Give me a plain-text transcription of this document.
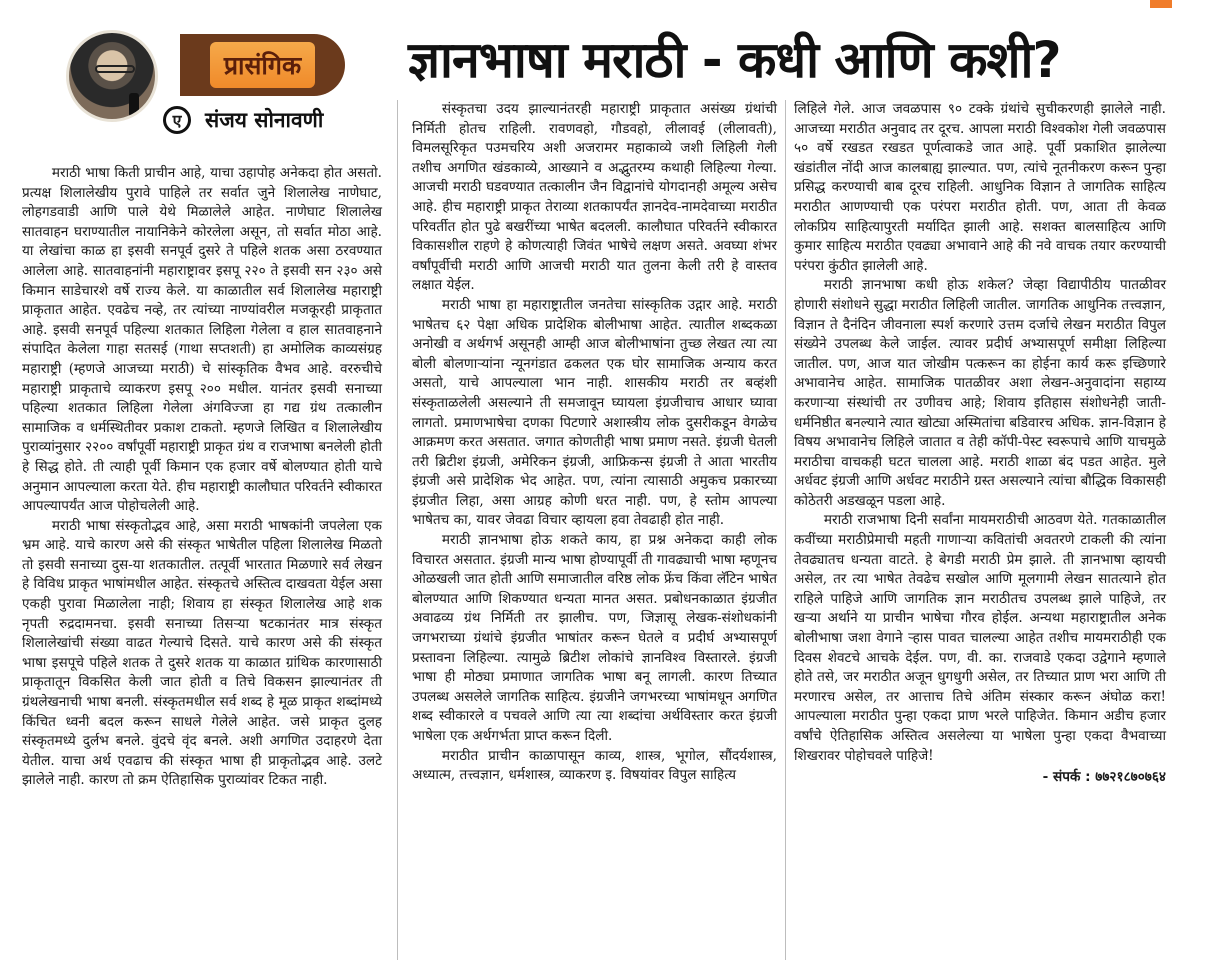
प्रासंगिक
ए	संजय सोनावणी
ज्ञानभाषा मराठी - कधी आणि कशी?

मराठी भाषा किती प्राचीन आहे, याचा उहापोह अनेकदा होत असतो. प्रत्यक्ष शिलालेखीय पुरावे पाहिले तर सर्वात जुने शिलालेख नाणेघाट, लोहगडवाडी आणि पाले येथे मिळालेले आहेत. नाणेघाट शिलालेख सातवाहन घराण्यातील नायानिकेने कोरलेला असून, तो सर्वात मोठा आहे. या लेखांचा काळ हा इसवी सनपूर्व दुसरे ते पहिले शतक असा ठरवण्यात आलेला आहे. सातवाहनांनी महाराष्ट्रावर इसपू २२० ते इसवी सन २३० असे किमान साडेचारशे वर्षे राज्य केले. या काळातील सर्व शिलालेख महाराष्ट्री प्राकृतात आहेत. एवढेच नव्हे, तर त्यांच्या नाण्यांवरील मजकूरही प्राकृतात आहे. इसवी सनपूर्व पहिल्या शतकात लिहिला गेलेला व हाल सातवाहनाने संपादित केलेला गाहा सतसई (गाथा सप्तशती) हा अमोलिक काव्यसंग्रह महाराष्ट्री (म्हणजे आजच्या मराठी) चे सांस्कृतिक वैभव आहे. वररुचीचे महाराष्ट्री प्राकृताचे व्याकरण इसपू २०० मधील. यानंतर इसवी सनाच्या पहिल्या शतकात लिहिला गेलेला अंगविज्जा हा गद्य ग्रंथ तत्कालीन सामाजिक व धर्मस्थितीवर प्रकाश टाकतो. म्हणजे लिखित व शिलालेखीय पुराव्यांनुसार २२०० वर्षांपूर्वी महाराष्ट्री प्राकृत ग्रंथ व राजभाषा बनलेली होती हे सिद्ध होते. ती त्याही पूर्वी किमान एक हजार वर्षे बोलण्यात होती याचे अनुमान आपल्याला करता येते. हीच महाराष्ट्री कालौघात परिवर्तने स्वीकारत आपल्यापर्यंत आज पोहोचलेली आहे.

मराठी भाषा संस्कृतोद्भव आहे, असा मराठी भाषकांनी जपलेला एक भ्रम आहे. याचे कारण असे की संस्कृत भाषेतील पहिला शिलालेख मिळतो तो इसवी सनाच्या दुस-या शतकातील. तत्पूर्वी भारतात मिळणारे सर्व लेखन हे विविध प्राकृत भाषांमधील आहेत. संस्कृतचे अस्तित्व दाखवता येईल असा एकही पुरावा मिळालेला नाही; शिवाय हा संस्कृत शिलालेख आहे शक नृपती रुद्रदामनचा. इसवी सनाच्या तिसऱ्या षटकानंतर मात्र संस्कृत शिलालेखांची संख्या वाढत गेल्याचे दिसते. याचे कारण असे की संस्कृत भाषा इसपूचे पहिले शतक ते दुसरे शतक या काळात ग्रांथिक कारणासाठी प्राकृतातून विकसित केली जात होती व तिचे विकसन झाल्यानंतर ती ग्रंथलेखनाची भाषा बनली. संस्कृतमधील सर्व शब्द हे मूळ प्राकृत शब्दांमध्ये किंचित ध्वनी बदल करून साधले गेलेले आहेत. जसे प्राकृत दुलह संस्कृतमध्ये दुर्लभ बनले. वुंदचे वृंद बनले. अशी अगणित उदाहरणे देता येतील. याचा अर्थ एवढाच की संस्कृत भाषा ही प्राकृतोद्भव आहे. उलटे झालेले नाही. कारण तो क्रम ऐतिहासिक पुराव्यांवर टिकत नाही.

संस्कृतचा उदय झाल्यानंतरही महाराष्ट्री प्राकृतात असंख्य ग्रंथांची निर्मिती होतच राहिली. रावणवहो, गौडवहो, लीलावई (लीलावती), विमलसूरिकृत पउमचरिय अशी अजरामर महाकाव्ये जशी लिहिली गेली तशीच अगणित खंडकाव्ये, आख्याने व अद्भुतरम्य कथाही लिहिल्या गेल्या. आजची मराठी घडवण्यात तत्कालीन जैन विद्वानांचे योगदानही अमूल्य असेच आहे. हीच महाराष्ट्री प्राकृत तेराव्या शतकापर्यंत ज्ञानदेव-नामदेवाच्या मराठीत परिवर्तीत होत पुढे बखरींच्या भाषेत बदलली. कालौघात परिवर्तने स्वीकारत विकासशील राहणे हे कोणत्याही जिवंत भाषेचे लक्षण असते. अवघ्या शंभर वर्षांपूर्वीची मराठी आणि आजची मराठी यात तुलना केली तरी हे वास्तव लक्षात येईल.

मराठी भाषा हा महाराष्ट्रातील जनतेचा सांस्कृतिक उद्गार आहे. मराठी भाषेतच ६२ पेक्षा अधिक प्रादेशिक बोलीभाषा आहेत. त्यातील शब्दकळा अनोखी व अर्थगर्भ असूनही आम्ही आज बोलीभाषांना तुच्छ लेखत त्या त्या बोली बोलणाऱ्यांना न्यूनगंडात ढकलत एक घोर सामाजिक अन्याय करत असतो, याचे आपल्याला भान नाही. शासकीय मराठी तर बव्हंशी संस्कृताळलेली असल्याने ती समजावून घ्यायला इंग्रजीचाच आधार घ्यावा लागतो. प्रमाणभाषेचा दणका पिटणारे अशास्त्रीय लोक दुसरीकडून वेगळेच आक्रमण करत असतात. जगात कोणतीही भाषा प्रमाण नसते. इंग्रजी घेतली तरी ब्रिटीश इंग्रजी, अमेरिकन इंग्रजी, आफ्रिकन्स इंग्रजी ते आता भारतीय इंग्रजी असे प्रादेशिक भेद आहेत. पण, त्यांना त्यासाठी अमुकच प्रकारच्या इंग्रजीत लिहा, असा आग्रह कोणी धरत नाही. पण, हे स्तोम आपल्या भाषेतच का, यावर जेवढा विचार व्हायला हवा तेवढाही होत नाही.

मराठी ज्ञानभाषा होऊ शकते काय, हा प्रश्न अनेकदा काही लोक विचारत असतात. इंग्रजी मान्य भाषा होण्यापूर्वी ती गावढ्याची भाषा म्हणूनच ओळखली जात होती आणि समाजातील वरिष्ठ लोक फ्रेंच किंवा लॅटिन भाषेत बोलण्यात आणि शिकण्यात धन्यता मानत असत. प्रबोधनकाळात इंग्रजीत अवाढव्य ग्रंथ निर्मिती तर झालीच. पण, जिज्ञासू लेखक-संशोधकांनी जगभराच्या ग्रंथांचे इंग्रजीत भाषांतर करून घेतले व प्रदीर्घ अभ्यासपूर्ण प्रस्तावना लिहिल्या. त्यामुळे ब्रिटीश लोकांचे ज्ञानविश्व विस्तारले. इंग्रजी भाषा ही मोठ्या प्रमाणात जागतिक भाषा बनू लागली. कारण तिच्यात उपलब्ध असलेले जागतिक साहित्य. इंग्रजीने जगभरच्या भाषांमधून अगणित शब्द स्वीकारले व पचवले आणि त्या त्या शब्दांचा अर्थविस्तार करत इंग्रजी भाषेला एक अर्थगर्भता प्राप्त करून दिली.

मराठीत प्राचीन काळापासून काव्य, शास्त्र, भूगोल, सौंदर्यशास्त्र, अध्यात्म, तत्त्वज्ञान, धर्मशास्त्र, व्याकरण इ. विषयांवर विपुल साहित्य

लिहिले गेले. आज जवळपास ९० टक्के ग्रंथांचे सुचीकरणही झालेले नाही. आजच्या मराठीत अनुवाद तर दूरच. आपला मराठी विश्वकोश गेली जवळपास ५० वर्षे रखडत रखडत पूर्णत्वाकडे जात आहे. पूर्वी प्रकाशित झालेल्या खंडांतील नोंदी आज कालबाह्य झाल्यात. पण, त्यांचे नूतनीकरण करून पुन्हा प्रसिद्ध करण्याची बाब दूरच राहिली. आधुनिक विज्ञान ते जागतिक साहित्य मराठीत आणण्याची एक परंपरा मराठीत होती. पण, आता ती केवळ लोकप्रिय साहित्यापुरती मर्यादित झाली आहे. सशक्त बालसाहित्य आणि कुमार साहित्य मराठीत एवढ्या अभावाने आहे की नवे वाचक तयार करण्याची परंपरा कुंठीत झालेली आहे.

मराठी ज्ञानभाषा कधी होऊ शकेल? जेव्हा विद्यापीठीय पातळीवर होणारी संशोधने सुद्धा मराठीत लिहिली जातील. जागतिक आधुनिक तत्त्वज्ञान, विज्ञान ते दैनंदिन जीवनाला स्पर्श करणारे उत्तम दर्जाचे लेखन मराठीत विपुल संख्येने उपलब्ध केले जाईल. त्यावर प्रदीर्घ अभ्यासपूर्ण समीक्षा लिहिल्या जातील. पण, आज यात जोखीम पत्करून का होईना कार्य करू इच्छिणारे अभावानेच आहेत. सामाजिक पातळीवर अशा लेखन-अनुवादांना सहाय्य करणाऱ्या संस्थांची तर उणीवच आहे; शिवाय इतिहास संशोधनेही जाती-धर्मनिष्ठीत बनल्याने त्यात खोट्या अस्मितांचा बडिवारच अधिक. ज्ञान-विज्ञान हे विषय अभावानेच लिहिले जातात व तेही कॉपी-पेस्ट स्वरूपाचे आणि याचमुळे मराठीचा वाचकही घटत चालला आहे. मराठी शाळा बंद पडत आहेत. मुले अर्धवट इंग्रजी आणि अर्धवट मराठीने ग्रस्त असल्याने त्यांचा बौद्धिक विकासही कोठेतरी अडखळून पडला आहे.

मराठी राजभाषा दिनी सर्वांना मायमराठीची आठवण येते. गतकाळातील कवींच्या मराठीप्रेमाची महती गाणाऱ्या कवितांची अवतरणे टाकली की त्यांना तेवढ्यातच धन्यता वाटते. हे बेगडी मराठी प्रेम झाले. ती ज्ञानभाषा व्हायची असेल, तर त्या भाषेत तेवढेच सखोल आणि मूलगामी लेखन सातत्याने होत राहिले पाहिजे आणि जागतिक ज्ञान मराठीतच उपलब्ध झाले पाहिजे, तर खऱ्या अर्थाने या प्राचीन भाषेचा गौरव होईल. अन्यथा महाराष्ट्रातील अनेक बोलीभाषा जशा वेगाने ऱ्हास पावत चालल्या आहेत तशीच मायमराठीही एक दिवस शेवटचे आचके देईल. पण, वी. का. राजवाडे एकदा उद्वेगाने म्हणाले होते तसे, जर मराठीत अजून धुगधुगी असेल, तर तिच्यात प्राण भरा आणि ती मरणारच असेल, तर आत्ताच तिचे अंतिम संस्कार करून अंघोळ करा! आपल्याला मराठीत पुन्हा एकदा प्राण भरले पाहिजेत. किमान अडीच हजार वर्षांचे ऐतिहासिक अस्तित्व असलेल्या या भाषेला पुन्हा एकदा वैभवाच्या शिखरावर पोहोचवले पाहिजे!

- संपर्क : ७७२१८७०७६४
